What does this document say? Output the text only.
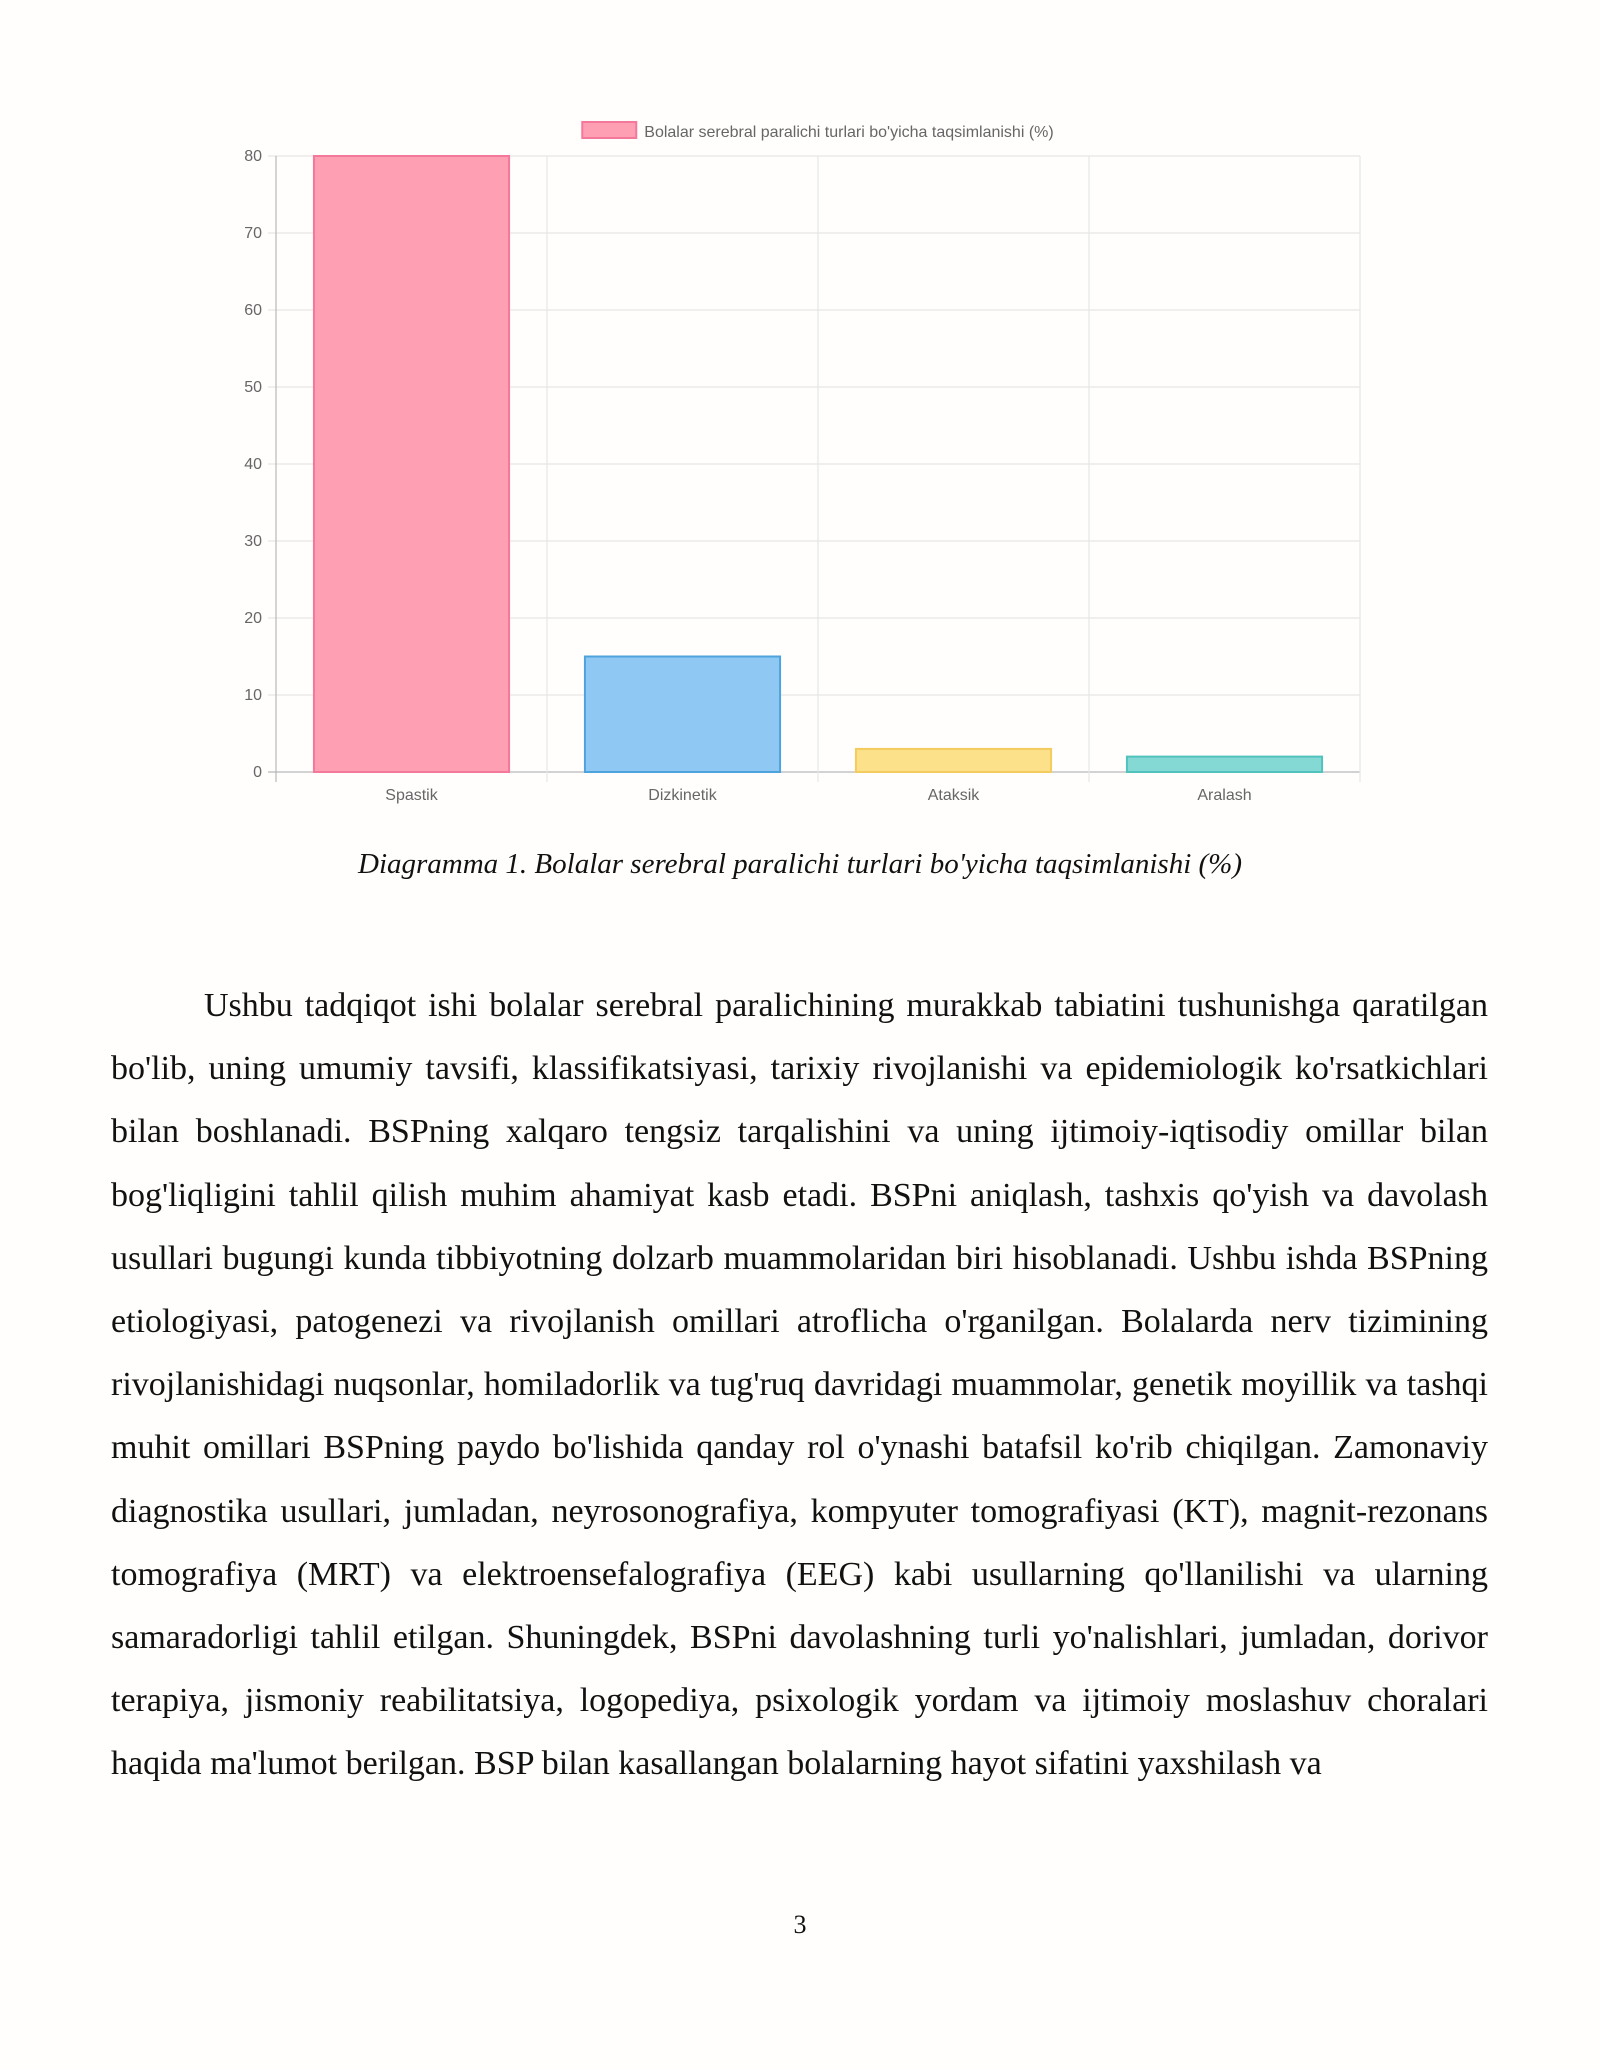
0
10
20
30
40
50
60
70
80
Spastik	Dizkinetik	Ataksik	Aralash
Bolalar serebral paralichi turlari bo'yicha taqsimlanishi (%)
Diagramma 1. Bolalar serebral paralichi turlari bo'yicha taqsimlanishi (%)

Ushbu tadqiqot ishi bolalar serebral paralichining murakkab tabiatini tushunishga qaratilgan bo'lib, uning umumiy tavsifi, klassifikatsiyasi, tarixiy rivojlanishi va epidemiologik ko'rsatkichlari bilan boshlanadi. BSPning xalqaro tengsiz tarqalishini va uning ijtimoiy-iqtisodiy omillar bilan bog'liqligini tahlil qilish muhim ahamiyat kasb etadi. BSPni aniqlash, tashxis qo'yish va davolash usullari bugungi kunda tibbiyotning dolzarb muammolaridan biri hisoblanadi. Ushbu ishda BSPning etiologiyasi, patogenezi va rivojlanish omillari atroflicha o'rganilgan. Bolalarda nerv tizimining rivojlanishidagi nuqsonlar, homiladorlik va tug'ruq davridagi muammolar, genetik moyillik va tashqi muhit omillari BSPning paydo bo'lishida qanday rol o'ynashi batafsil ko'rib chiqilgan. Zamonaviy diagnostika usullari, jumladan, neyrosonografiya, kompyuter tomografiyasi (KT), magnit-rezonans tomografiya (MRT) va elektroensefalografiya (EEG) kabi usullarning qo'llanilishi va ularning samaradorligi tahlil etilgan. Shuningdek, BSPni davolashning turli yo'nalishlari, jumladan, dorivor terapiya, jismoniy reabilitatsiya, logopediya, psixologik yordam va ijtimoiy moslashuv choralari haqida ma'lumot berilgan. BSP bilan kasallangan bolalarning hayot sifatini yaxshilash va

3
